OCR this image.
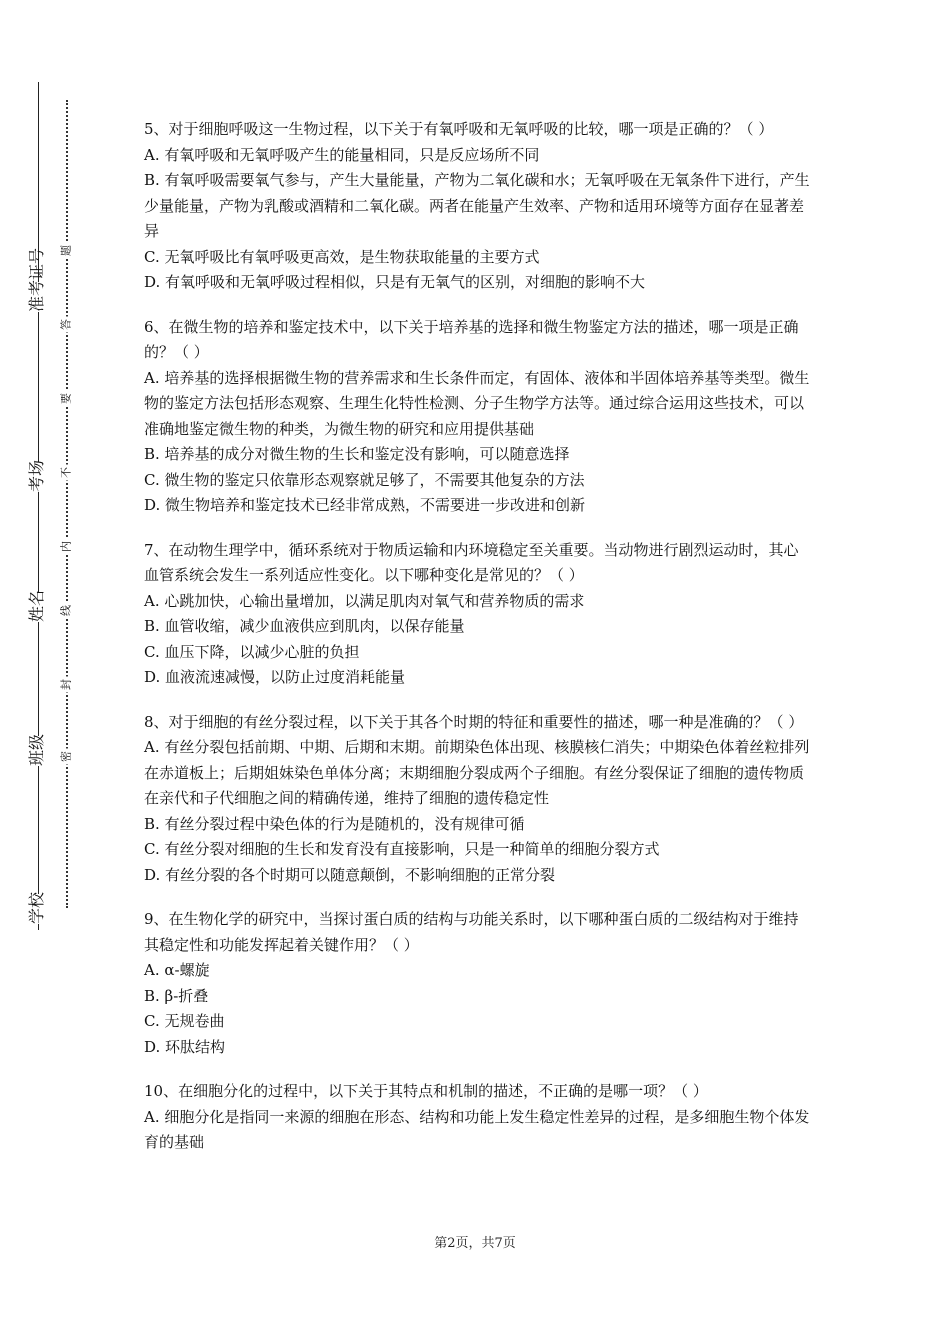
准考证号
考场
姓名
班级
学校
题
答
要
不
内
线
封
密
5、对于细胞呼吸这一生物过程，以下关于有氧呼吸和无氧呼吸的比较，哪一项是正确的？（ ）
A. 有氧呼吸和无氧呼吸产生的能量相同，只是反应场所不同
B. 有氧呼吸需要氧气参与，产生大量能量，产物为二氧化碳和水；无氧呼吸在无氧条件下进行，产生少量能量，产物为乳酸或酒精和二氧化碳。两者在能量产生效率、产物和适用环境等方面存在显著差异
C. 无氧呼吸比有氧呼吸更高效，是生物获取能量的主要方式
D. 有氧呼吸和无氧呼吸过程相似，只是有无氧气的区别，对细胞的影响不大
6、在微生物的培养和鉴定技术中，以下关于培养基的选择和微生物鉴定方法的描述，哪一项是正确的？（ ）
A. 培养基的选择根据微生物的营养需求和生长条件而定，有固体、液体和半固体培养基等类型。微生物的鉴定方法包括形态观察、生理生化特性检测、分子生物学方法等。通过综合运用这些技术，可以准确地鉴定微生物的种类，为微生物的研究和应用提供基础
B. 培养基的成分对微生物的生长和鉴定没有影响，可以随意选择
C. 微生物的鉴定只依靠形态观察就足够了，不需要其他复杂的方法
D. 微生物培养和鉴定技术已经非常成熟，不需要进一步改进和创新
7、在动物生理学中，循环系统对于物质运输和内环境稳定至关重要。当动物进行剧烈运动时，其心血管系统会发生一系列适应性变化。以下哪种变化是常见的？（ ）
A. 心跳加快，心输出量增加，以满足肌肉对氧气和营养物质的需求
B. 血管收缩，减少血液供应到肌肉，以保存能量
C. 血压下降，以减少心脏的负担
D. 血液流速减慢，以防止过度消耗能量
8、对于细胞的有丝分裂过程，以下关于其各个时期的特征和重要性的描述，哪一种是准确的？（ ）
A. 有丝分裂包括前期、中期、后期和末期。前期染色体出现、核膜核仁消失；中期染色体着丝粒排列在赤道板上；后期姐妹染色单体分离；末期细胞分裂成两个子细胞。有丝分裂保证了细胞的遗传物质在亲代和子代细胞之间的精确传递，维持了细胞的遗传稳定性
B. 有丝分裂过程中染色体的行为是随机的，没有规律可循
C. 有丝分裂对细胞的生长和发育没有直接影响，只是一种简单的细胞分裂方式
D. 有丝分裂的各个时期可以随意颠倒，不影响细胞的正常分裂
9、在生物化学的研究中，当探讨蛋白质的结构与功能关系时，以下哪种蛋白质的二级结构对于维持其稳定性和功能发挥起着关键作用？（ ）
A. α-螺旋
B. β-折叠
C. 无规卷曲
D. 环肽结构
10、在细胞分化的过程中，以下关于其特点和机制的描述，不正确的是哪一项？（ ）
A. 细胞分化是指同一来源的细胞在形态、结构和功能上发生稳定性差异的过程，是多细胞生物个体发育的基础
第2页，共7页
